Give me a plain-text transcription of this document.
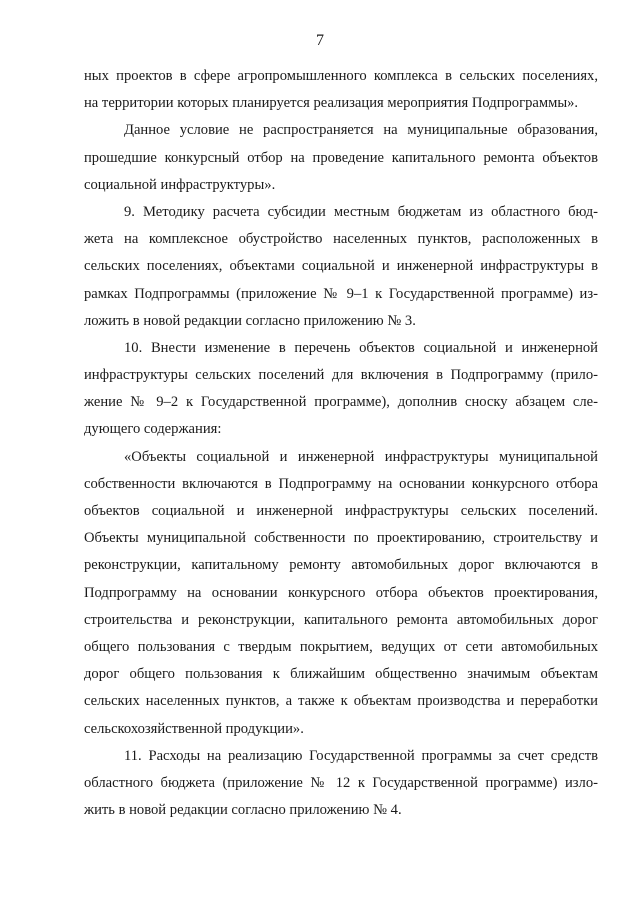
7
ных проектов в сфере агропромышленного комплекса в сельских поселениях,
на территории которых планируется реализация мероприятия Подпрограммы».
Данное условие не распространяется на муниципальные образования,
прошедшие конкурсный отбор на проведение капитального ремонта объектов
социальной инфраструктуры».
9. Методику расчета субсидии местным бюджетам из областного бюд-
жета на комплексное обустройство населенных пунктов, расположенных в
сельских поселениях, объектами социальной и инженерной инфраструктуры в
рамках Подпрограммы (приложение № 9–1 к Государственной программе) из-
ложить в новой редакции согласно приложению № 3.
10. Внести изменение в перечень объектов социальной и инженерной
инфраструктуры сельских поселений для включения в Подпрограмму (прило-
жение № 9–2 к Государственной программе), дополнив сноску абзацем сле-
дующего содержания:
«Объекты социальной и инженерной инфраструктуры муниципальной
собственности включаются в Подпрограмму на основании конкурсного отбора
объектов социальной и инженерной инфраструктуры сельских поселений.
Объекты муниципальной собственности по проектированию, строительству и
реконструкции, капитальному ремонту автомобильных дорог включаются в
Подпрограмму на основании конкурсного отбора объектов проектирования,
строительства и реконструкции, капитального ремонта автомобильных дорог
общего пользования с твердым покрытием, ведущих от сети автомобильных
дорог общего пользования к ближайшим общественно значимым объектам
сельских населенных пунктов, а также к объектам производства и переработки
сельскохозяйственной продукции».
11. Расходы на реализацию Государственной программы за счет средств
областного бюджета (приложение № 12 к Государственной программе) изло-
жить в новой редакции согласно приложению № 4.
